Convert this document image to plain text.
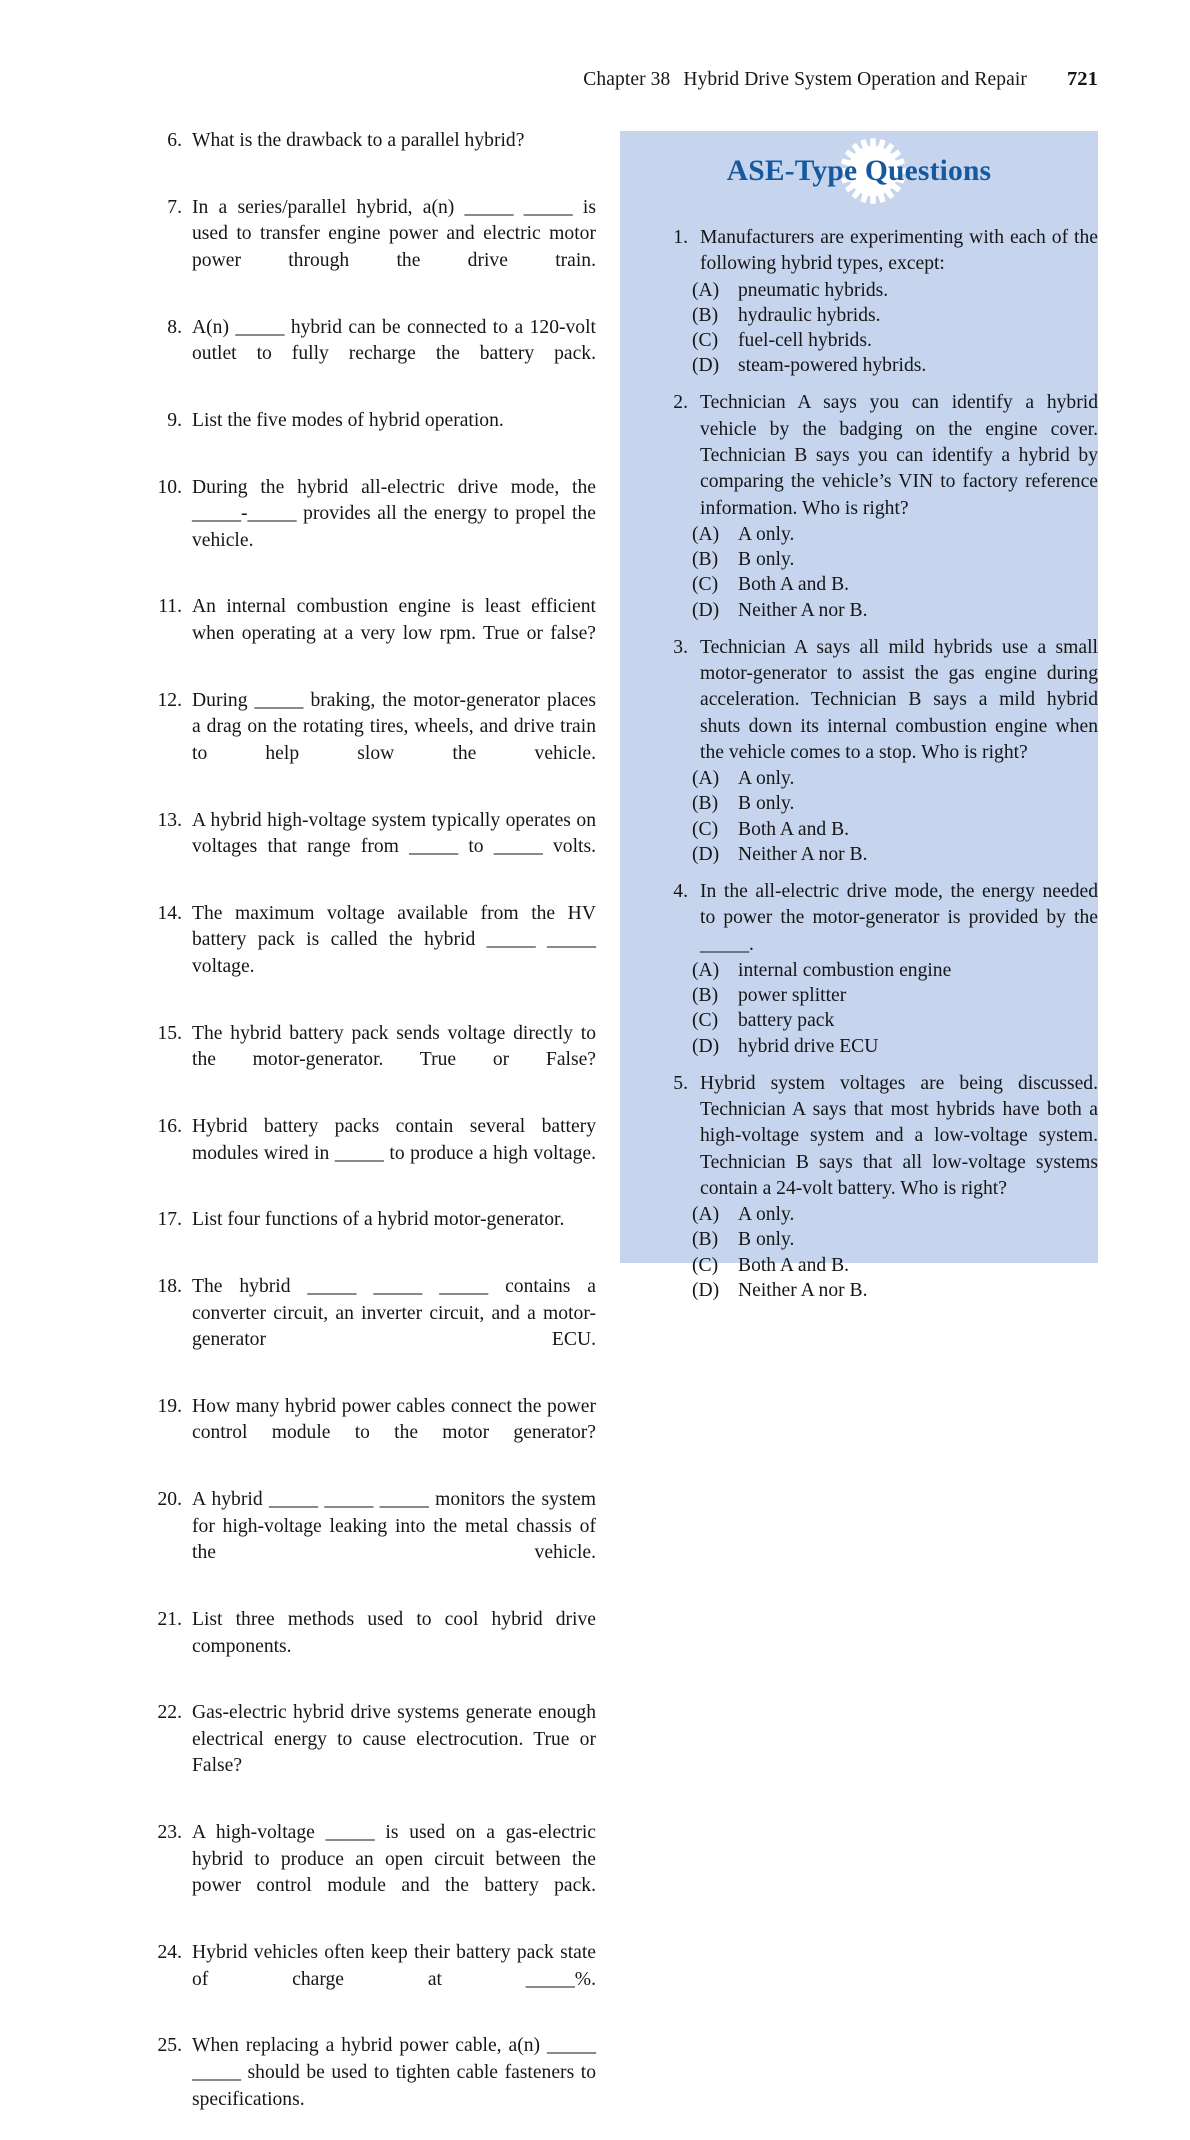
Chapter 38 Hybrid Drive System Operation and Repair 721
6. What is the drawback to a parallel hybrid?
7. In a series/parallel hybrid, a(n) _____ _____ is used to transfer engine power and electric motor power through the drive train.
8. A(n) _____ hybrid can be connected to a 120-volt outlet to fully recharge the battery pack.
9. List the five modes of hybrid operation.
10. During the hybrid all-electric drive mode, the _____-_____ provides all the energy to propel the vehicle.
11. An internal combustion engine is least efficient when operating at a very low rpm. True or false?
12. During _____ braking, the motor-generator places a drag on the rotating tires, wheels, and drive train to help slow the vehicle.
13. A hybrid high-voltage system typically operates on voltages that range from _____ to _____ volts.
14. The maximum voltage available from the HV battery pack is called the hybrid _____ _____ voltage.
15. The hybrid battery pack sends voltage directly to the motor-generator. True or False?
16. Hybrid battery packs contain several battery modules wired in _____ to produce a high voltage.
17. List four functions of a hybrid motor-generator.
18. The hybrid _____ _____ _____ contains a converter circuit, an inverter circuit, and a motor-generator ECU.
19. How many hybrid power cables connect the power control module to the motor generator?
20. A hybrid _____ _____ _____ monitors the system for high-voltage leaking into the metal chassis of the vehicle.
21. List three methods used to cool hybrid drive components.
22. Gas-electric hybrid drive systems generate enough electrical energy to cause electrocution. True or False?
23. A high-voltage _____ is used on a gas-electric hybrid to produce an open circuit between the power control module and the battery pack.
24. Hybrid vehicles often keep their battery pack state of charge at _____%.
25. When replacing a hybrid power cable, a(n) _____ _____ should be used to tighten cable fasteners to specifications.
ASE-Type Questions
1. Manufacturers are experimenting with each of the following hybrid types, except:
(A) pneumatic hybrids.
(B)	hydraulic hybrids.
(C)	fuel-cell hybrids.
(D) steam-powered hybrids.
2. Technician A says you can identify a hybrid vehicle by the badging on the engine cover. Technician B says you can identify a hybrid by comparing the vehicle’s VIN to factory reference information. Who is right?
(A) A only.
(B)	B only.
(C)	Both A and B.
(D) Neither A nor B.
3. Technician A says all mild hybrids use a small motor-generator to assist the gas engine during acceleration. Technician B says a mild hybrid shuts down its internal combustion engine when the vehicle comes to a stop. Who is right?
(A) A only.
(B)	B only.
(C)	Both A and B.
(D) Neither A nor B.
4. In the all-electric drive mode, the energy needed to power the motor-generator is provided by the _____.
(A) internal combustion engine
(B)	power splitter
(C)	battery pack
(D) hybrid drive ECU
5. Hybrid system voltages are being discussed. Technician A says that most hybrids have both a high-voltage system and a low-voltage system. Technician B says that all low-voltage systems contain a 24-volt battery. Who is right?
(A) A only.
(B)	B only.
(C)	Both A and B.
(D) Neither A nor B.
